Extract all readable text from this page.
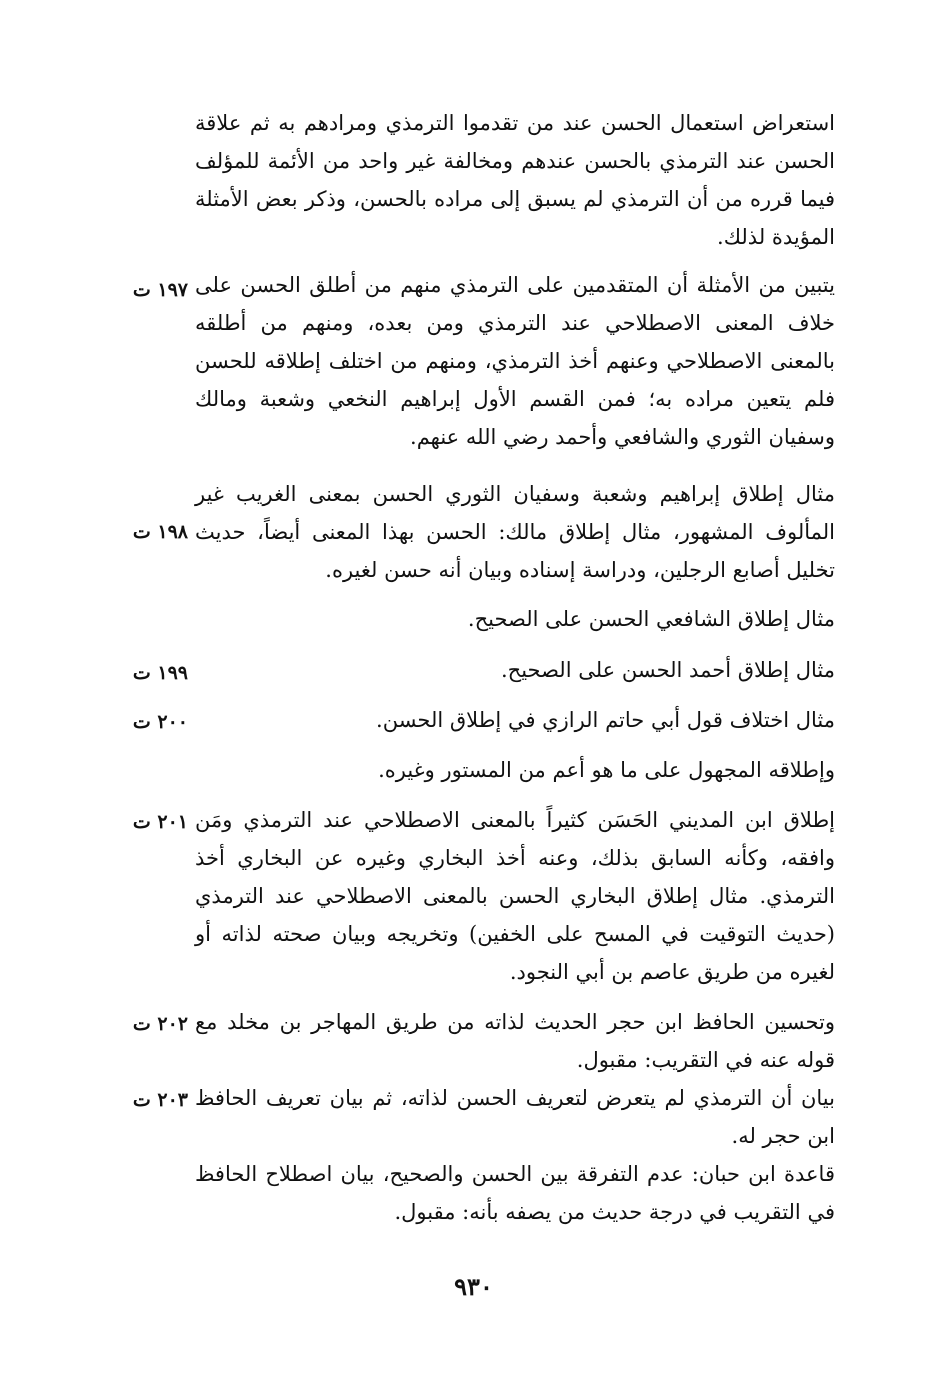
استعراض استعمال الحسن عند من تقدموا الترمذي ومرادهم به ثم علاقة الحسن عند الترمذي بالحسن عندهم ومخالفة غير واحد من الأئمة للمؤلف فيما قرره من أن الترمذي لم يسبق إلى مراده بالحسن، وذكر بعض الأمثلة المؤيدة لذلك.

يتبين من الأمثلة أن المتقدمين على الترمذي منهم من أطلق الحسن على خلاف المعنى الاصطلاحي عند الترمذي ومن بعده، ومنهم من أطلقه بالمعنى الاصطلاحي وعنهم أخذ الترمذي، ومنهم من اختلف إطلاقه للحسن فلم يتعين مراده به؛ فمن القسم الأول إبراهيم النخعي وشعبة ومالك وسفيان الثوري والشافعي وأحمد رضي الله عنهم.

١٩٧ ت

مثال إطلاق إبراهيم وشعبة وسفيان الثوري الحسن بمعنى الغريب غير المألوف المشهور، مثال إطلاق مالك: الحسن بهذا المعنى أيضاً، حديث تخليل أصابع الرجلين، ودراسة إسناده وبيان أنه حسن لغيره.

١٩٨ ت

مثال إطلاق الشافعي الحسن على الصحيح.

مثال إطلاق أحمد الحسن على الصحيح.

١٩٩ ت

مثال اختلاف قول أبي حاتم الرازي في إطلاق الحسن.

٢٠٠ ت

وإطلاقه المجهول على ما هو أعم من المستور وغيره.

إطلاق ابن المديني الحَسَن كثيراً بالمعنى الاصطلاحي عند الترمذي ومَن وافقه، وكأنه السابق بذلك، وعنه أخذ البخاري وغيره عن البخاري أخذ الترمذي. مثال إطلاق البخاري الحسن بالمعنى الاصطلاحي عند الترمذي (حديث التوقيت في المسح على الخفين) وتخريجه وبيان صحته لذاته أو لغيره من طريق عاصم بن أبي النجود.

٢٠١ ت

وتحسين الحافظ ابن حجر الحديث لذاته من طريق المهاجر بن مخلد مع قوله عنه في التقريب: مقبول.

٢٠٢ ت

بيان أن الترمذي لم يتعرض لتعريف الحسن لذاته، ثم بيان تعريف الحافظ ابن حجر له.

٢٠٣ ت

قاعدة ابن حبان: عدم التفرقة بين الحسن والصحيح، بيان اصطلاح الحافظ في التقريب في درجة حديث من يصفه بأنه: مقبول.

٩٣٠
